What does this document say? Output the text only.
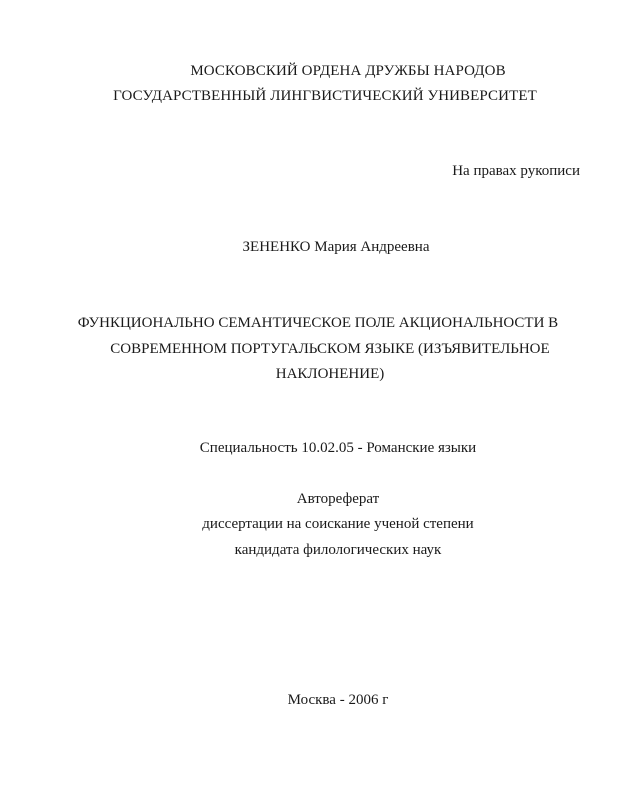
МОСКОВСКИЙ ОРДЕНА ДРУЖБЫ НАРОДОВ
ГОСУДАРСТВЕННЫЙ ЛИНГВИСТИЧЕСКИЙ УНИВЕРСИТЕТ
На правах рукописи
ЗЕНЕНКО Мария Андреевна
ФУНКЦИОНАЛЬНО СЕМАНТИЧЕСКОЕ ПОЛЕ АКЦИОНАЛЬНОСТИ В
СОВРЕМЕННОМ ПОРТУГАЛЬСКОМ ЯЗЫКЕ (ИЗЪЯВИТЕЛЬНОЕ
НАКЛОНЕНИЕ)
Специальность 10.02.05 - Романские языки
Автореферат
диссертации на соискание ученой степени
кандидата филологических наук
Москва - 2006 г
